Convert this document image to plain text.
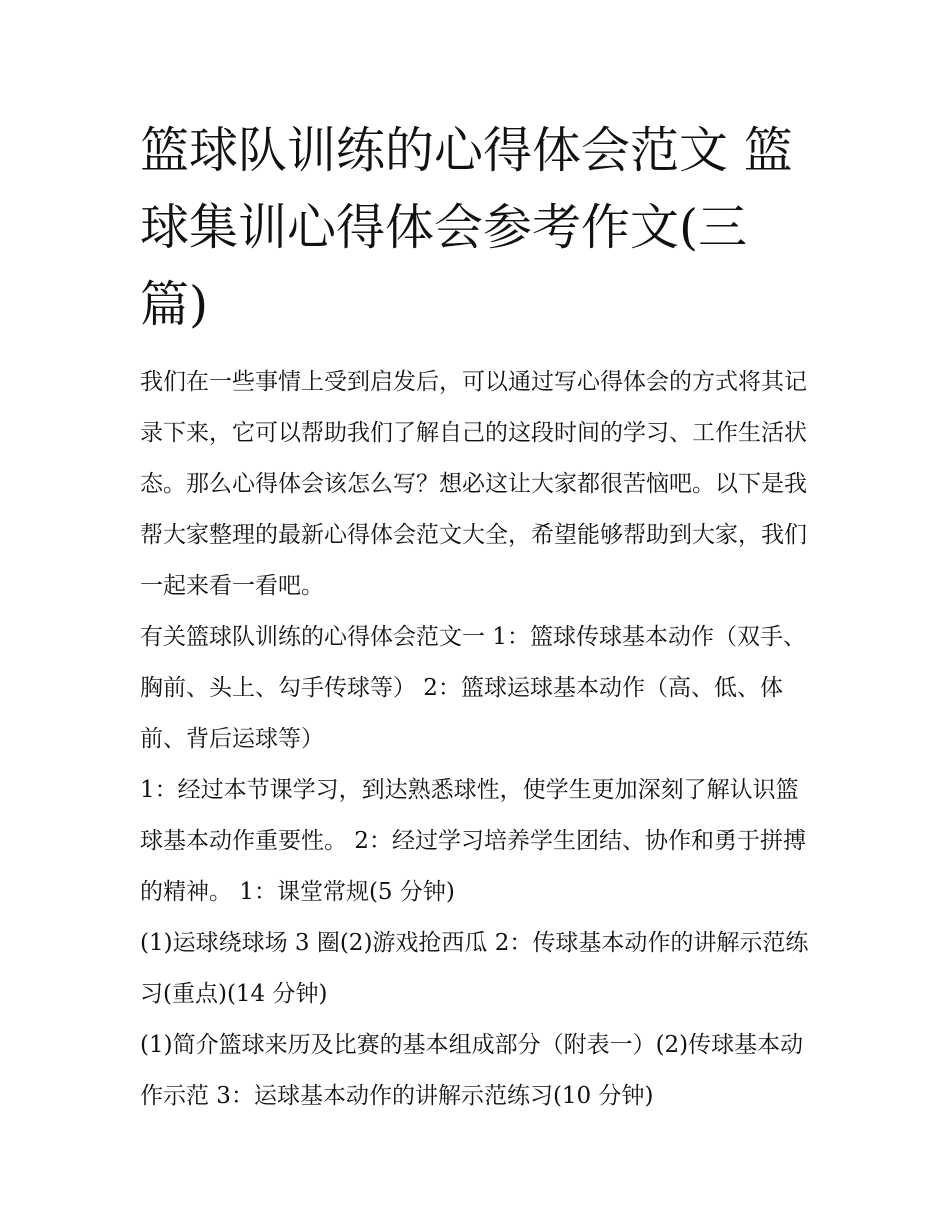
篮球队训练的心得体会范文 篮球集训心得体会参考作文(三篇)

我们在一些事情上受到启发后，可以通过写心得体会的方式将其记录下来，它可以帮助我们了解自己的这段时间的学习、工作生活状态。那么心得体会该怎么写？想必这让大家都很苦恼吧。以下是我帮大家整理的最新心得体会范文大全，希望能够帮助到大家，我们一起来看一看吧。

有关篮球队训练的心得体会范文一 1：篮球传球基本动作（双手、胸前、头上、勾手传球等） 2：篮球运球基本动作（高、低、体前、背后运球等）

1：经过本节课学习，到达熟悉球性，使学生更加深刻了解认识篮球基本动作重要性。 2：经过学习培养学生团结、协作和勇于拼搏的精神。 1：课堂常规(5 分钟)

(1)运球绕球场 3 圈(2)游戏抢西瓜 2：传球基本动作的讲解示范练习(重点)(14 分钟)

(1)简介篮球来历及比赛的基本组成部分（附表一）(2)传球基本动作示范 3：运球基本动作的讲解示范练习(10 分钟)
